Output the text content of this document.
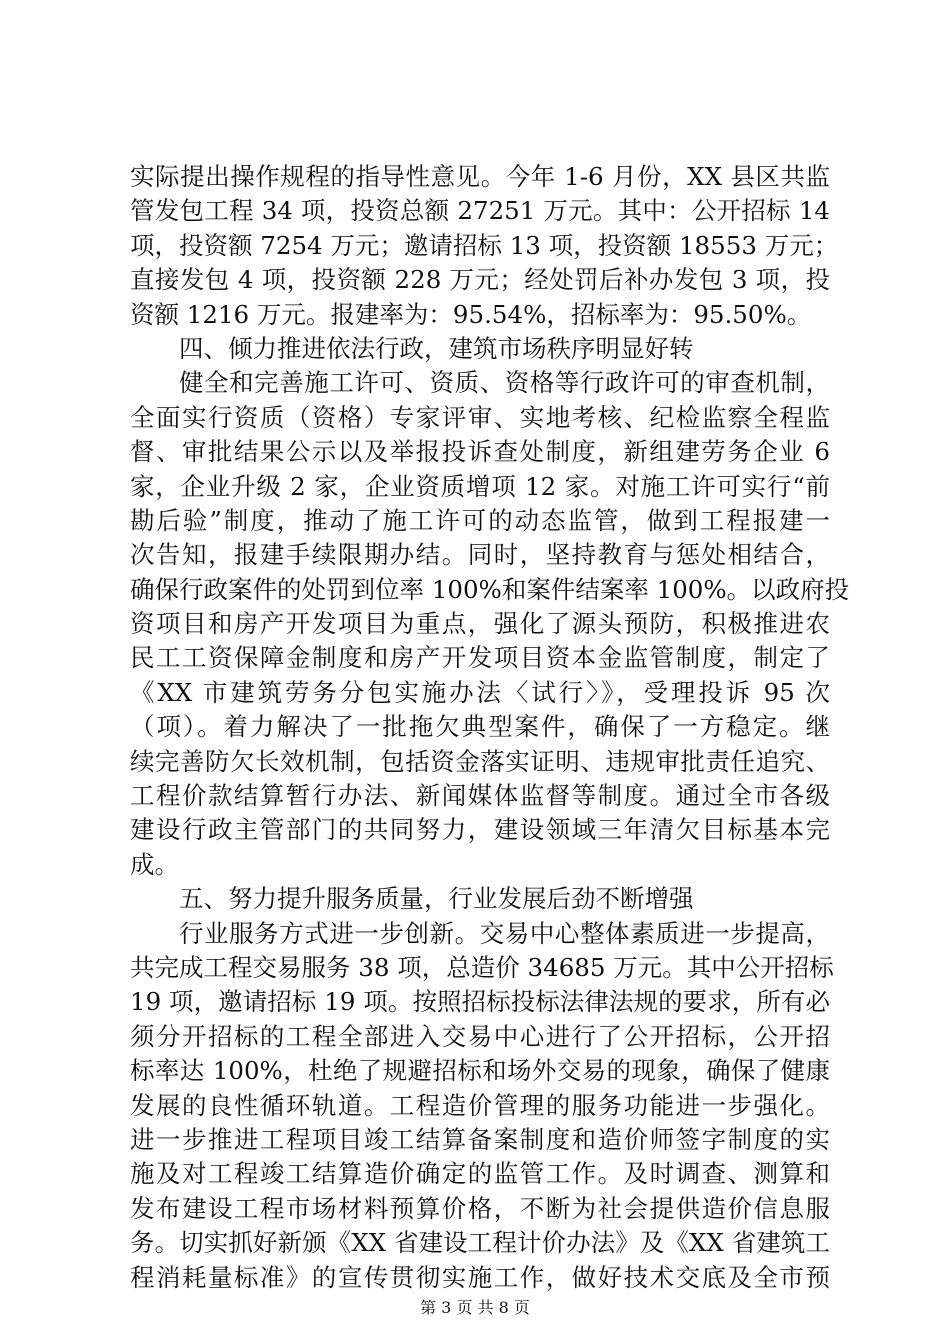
实际提出操作规程的指导性意见。今年 1-6 月份，XX 县区共监
管发包工程 34 项，投资总额 27251 万元。其中：公开招标 14
项，投资额 7254 万元；邀请招标 13 项，投资额 18553 万元；
直接发包 4 项，投资额 228 万元；经处罚后补办发包 3 项，投
资额 1216 万元。报建率为：95.54%，招标率为：95.50%。
四、倾力推进依法行政，建筑市场秩序明显好转
健全和完善施工许可、资质、资格等行政许可的审查机制，
全面实行资质（资格）专家评审、实地考核、纪检监察全程监
督、审批结果公示以及举报投诉查处制度，新组建劳务企业 6
家，企业升级 2 家，企业资质增项 12 家。对施工许可实行“前
勘后验”制度，推动了施工许可的动态监管，做到工程报建一
次告知，报建手续限期办结。同时，坚持教育与惩处相结合，
确保行政案件的处罚到位率 100%和案件结案率 100%。以政府投
资项目和房产开发项目为重点，强化了源头预防，积极推进农
民工工资保障金制度和房产开发项目资本金监管制度，制定了
《XX 市建筑劳务分包实施办法〈试行〉》，受理投诉 95 次
（项）。着力解决了一批拖欠典型案件，确保了一方稳定。继
续完善防欠长效机制，包括资金落实证明、违规审批责任追究、
工程价款结算暂行办法、新闻媒体监督等制度。通过全市各级
建设行政主管部门的共同努力，建设领域三年清欠目标基本完
成。
五、努力提升服务质量，行业发展后劲不断增强
行业服务方式进一步创新。交易中心整体素质进一步提高，
共完成工程交易服务 38 项，总造价 34685 万元。其中公开招标
19 项，邀请招标 19 项。按照招标投标法律法规的要求，所有必
须分开招标的工程全部进入交易中心进行了公开招标，公开招
标率达 100%，杜绝了规避招标和场外交易的现象，确保了健康
发展的良性循环轨道。工程造价管理的服务功能进一步强化。
进一步推进工程项目竣工结算备案制度和造价师签字制度的实
施及对工程竣工结算造价确定的监管工作。及时调查、测算和
发布建设工程市场材料预算价格，不断为社会提供造价信息服
务。切实抓好新颁《XX 省建设工程计价办法》及《XX 省建筑工
程消耗量标准》的宣传贯彻实施工作，做好技术交底及全市预
第 3 页 共 8 页
